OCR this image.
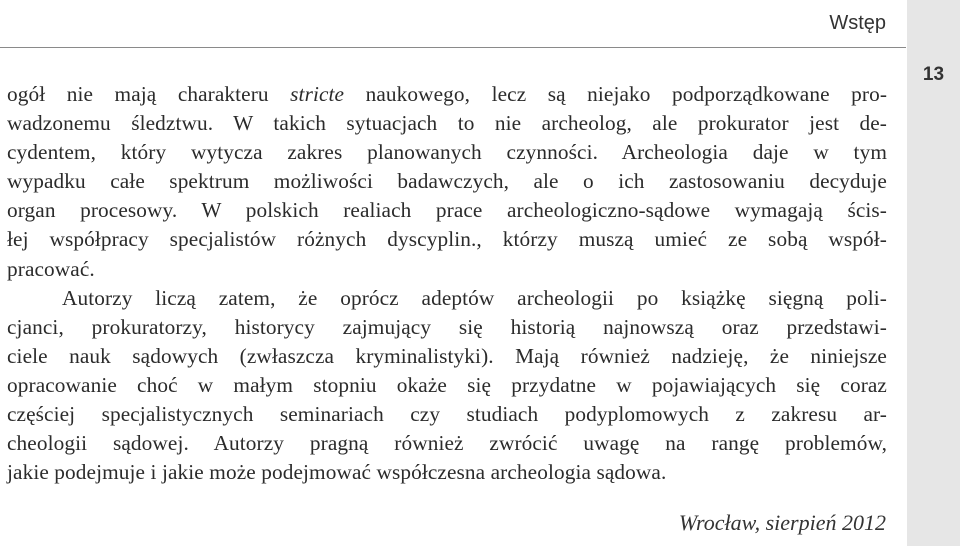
Wstęp
13
ogół nie mają charakteru stricte naukowego, lecz są niejako podporządkowane pro-
wadzonemu śledztwu. W takich sytuacjach to nie archeolog, ale prokurator jest de-
cydentem, który wytycza zakres planowanych czynności. Archeologia daje w tym
wypadku całe spektrum możliwości badawczych, ale o ich zastosowaniu decyduje
organ procesowy. W polskich realiach prace archeologiczno-sądowe wymagają ścis-
łej współpracy specjalistów różnych dyscyplin., którzy muszą umieć ze sobą współ-
pracować.
Autorzy liczą zatem, że oprócz adeptów archeologii po książkę sięgną poli-
cjanci, prokuratorzy, historycy zajmujący się historią najnowszą oraz przedstawi-
ciele nauk sądowych (zwłaszcza kryminalistyki). Mają również nadzieję, że niniejsze
opracowanie choć w małym stopniu okaże się przydatne w pojawiających się coraz
częściej specjalistycznych seminariach czy studiach podyplomowych z zakresu ar-
cheologii sądowej. Autorzy pragną również zwrócić uwagę na rangę problemów,
jakie podejmuje i jakie może podejmować współczesna archeologia sądowa.
Wrocław, sierpień 2012
